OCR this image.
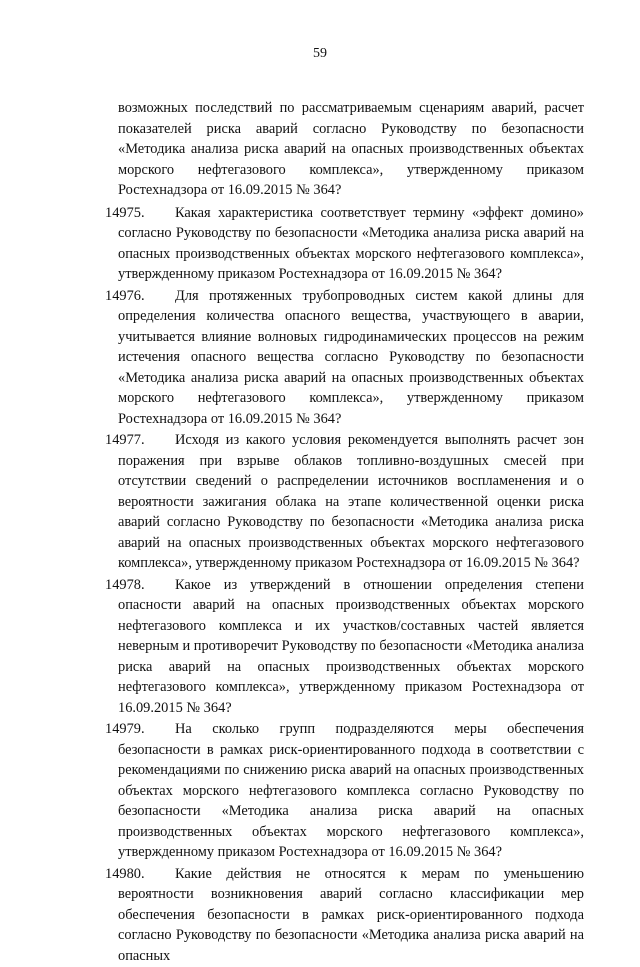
59

возможных последствий по рассматриваемым сценариям аварий, расчет показателей риска аварий согласно Руководству по безопасности «Методика анализа риска аварий на опасных производственных объектах морского нефтегазового комплекса», утвержденному приказом Ростехнадзора от 16.09.2015 № 364?

14975.	Какая характеристика соответствует термину «эффект домино» согласно Руководству по безопасности «Методика анализа риска аварий на опасных производственных объектах морского нефтегазового комплекса», утвержденному приказом Ростехнадзора от 16.09.2015 № 364?
14976.	Для протяженных трубопроводных систем какой длины для определения количества опасного вещества, участвующего в аварии, учитывается влияние волновых гидродинамических процессов на режим истечения опасного вещества согласно Руководству по безопасности «Методика анализа риска аварий на опасных производственных объектах морского нефтегазового комплекса», утвержденному приказом Ростехнадзора от 16.09.2015 № 364?
14977.	Исходя из какого условия рекомендуется выполнять расчет зон поражения при взрыве облаков топливно-воздушных смесей при отсутствии сведений о распределении источников воспламенения и о вероятности зажигания облака на этапе количественной оценки риска аварий согласно Руководству по безопасности «Методика анализа риска аварий на опасных производственных объектах морского нефтегазового комплекса», утвержденному приказом Ростехнадзора от 16.09.2015 № 364?
14978.	Какое из утверждений в отношении определения степени опасности аварий на опасных производственных объектах морского нефтегазового комплекса и их участков/составных частей является неверным и противоречит Руководству по безопасности «Методика анализа риска аварий на опасных производственных объектах морского нефтегазового комплекса», утвержденному приказом Ростехнадзора от 16.09.2015 № 364?
14979.	На сколько групп подразделяются меры обеспечения безопасности в рамках риск-ориентированного подхода в соответствии с рекомендациями по снижению риска аварий на опасных производственных объектах морского нефтегазового комплекса согласно Руководству по безопасности «Методика анализа риска аварий на опасных производственных объектах морского нефтегазового комплекса», утвержденному приказом Ростехнадзора от 16.09.2015 № 364?
14980.	Какие действия не относятся к мерам по уменьшению вероятности возникновения аварий согласно классификации мер обеспечения безопасности в рамках риск-ориентированного подхода согласно Руководству по безопасности «Методика анализа риска аварий на опасных
